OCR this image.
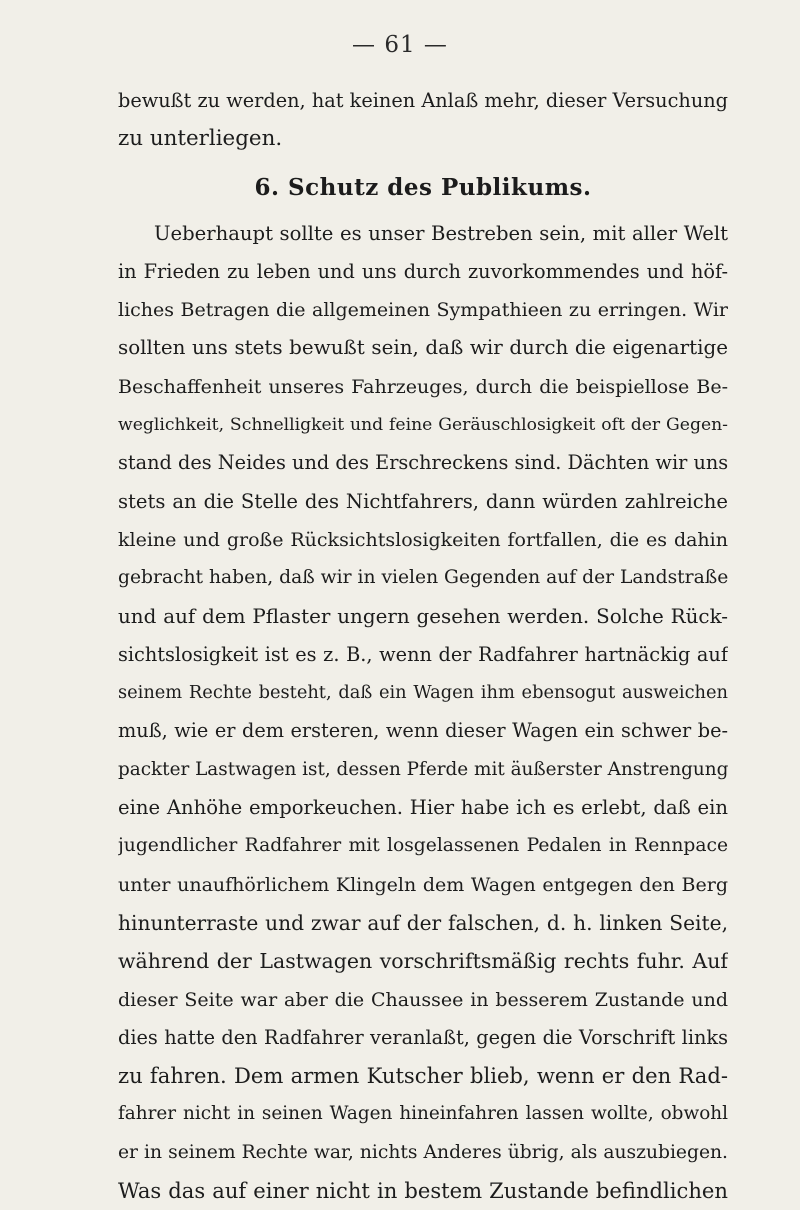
— 61 —
bewußt zu werden, hat keinen Anlaß mehr, dieser Versuchung
zu unterliegen.
6. Schutz des Publikums.
Ueberhaupt sollte es unser Bestreben sein, mit aller Welt
in Frieden zu leben und uns durch zuvorkommendes und höf-
liches Betragen die allgemeinen Sympathieen zu erringen. Wir
sollten uns stets bewußt sein, daß wir durch die eigenartige
Beschaffenheit unseres Fahrzeuges, durch die beispiellose Be-
weglichkeit, Schnelligkeit und feine Geräuschlosigkeit oft der Gegen-
stand des Neides und des Erschreckens sind. Dächten wir uns
stets an die Stelle des Nichtfahrers, dann würden zahlreiche
kleine und große Rücksichtslosigkeiten fortfallen, die es dahin
gebracht haben, daß wir in vielen Gegenden auf der Landstraße
und auf dem Pflaster ungern gesehen werden. Solche Rück-
sichtslosigkeit ist es z. B., wenn der Radfahrer hartnäckig auf
seinem Rechte besteht, daß ein Wagen ihm ebensogut ausweichen
muß, wie er dem ersteren, wenn dieser Wagen ein schwer be-
packter Lastwagen ist, dessen Pferde mit äußerster Anstrengung
eine Anhöhe emporkeuchen. Hier habe ich es erlebt, daß ein
jugendlicher Radfahrer mit losgelassenen Pedalen in Rennpace
unter unaufhörlichem Klingeln dem Wagen entgegen den Berg
hinunterraste und zwar auf der falschen, d. h. linken Seite,
während der Lastwagen vorschriftsmäßig rechts fuhr. Auf
dieser Seite war aber die Chaussee in besserem Zustande und
dies hatte den Radfahrer veranlaßt, gegen die Vorschrift links
zu fahren. Dem armen Kutscher blieb, wenn er den Rad-
fahrer nicht in seinen Wagen hineinfahren lassen wollte, obwohl
er in seinem Rechte war, nichts Anderes übrig, als auszubiegen.
Was das auf einer nicht in bestem Zustande befindlichen
